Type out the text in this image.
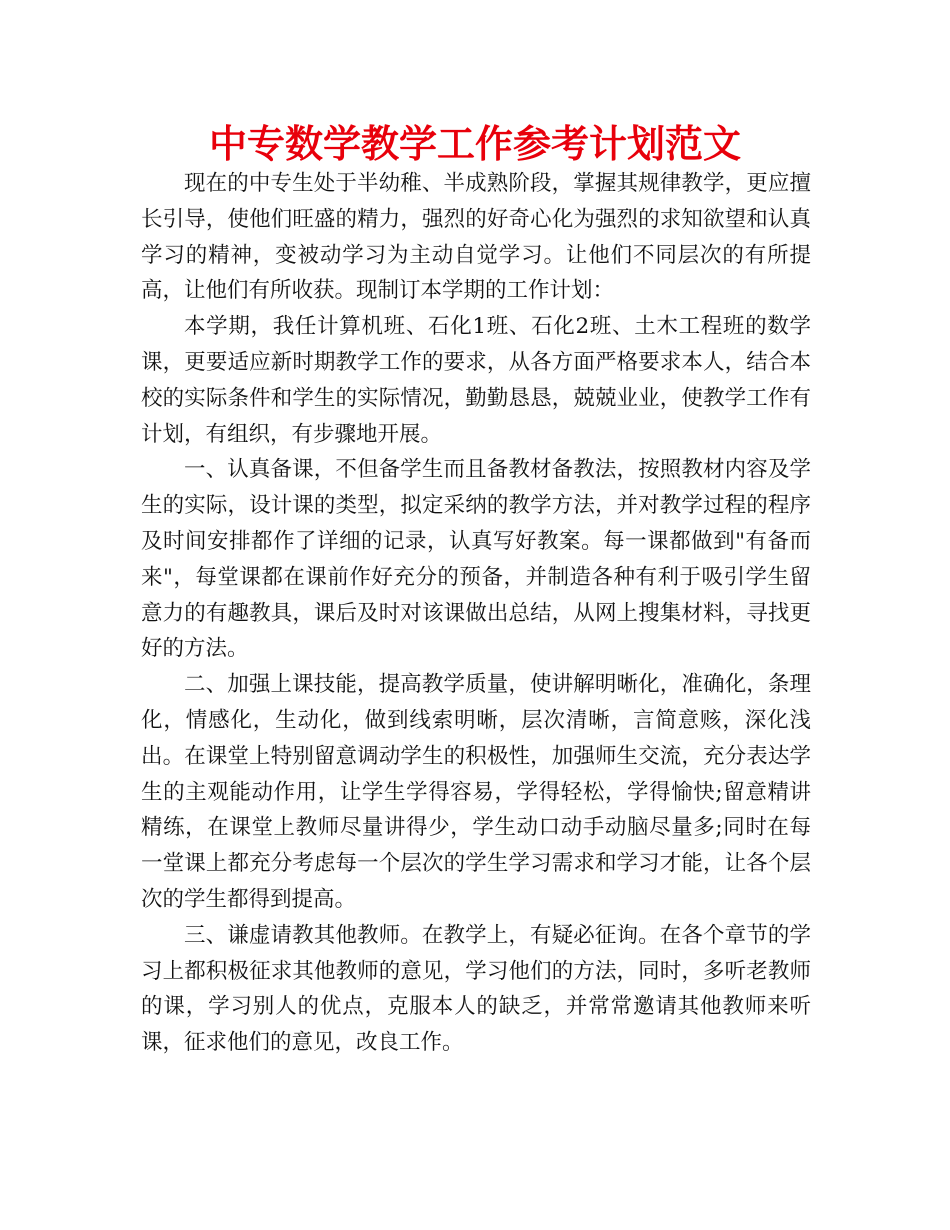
中专数学教学工作参考计划范文

现在的中专生处于半幼稚、半成熟阶段，掌握其规律教学，更应擅长引导，使他们旺盛的精力，强烈的好奇心化为强烈的求知欲望和认真学习的精神，变被动学习为主动自觉学习。让他们不同层次的有所提高，让他们有所收获。现制订本学期的工作计划：

本学期，我任计算机班、石化1班、石化2班、土木工程班的数学课，更要适应新时期教学工作的要求，从各方面严格要求本人，结合本校的实际条件和学生的实际情况，勤勤恳恳，兢兢业业，使教学工作有计划，有组织，有步骤地开展。

一、认真备课，不但备学生而且备教材备教法，按照教材内容及学生的实际，设计课的类型，拟定采纳的教学方法，并对教学过程的程序及时间安排都作了详细的记录，认真写好教案。每一课都做到"有备而来"，每堂课都在课前作好充分的预备，并制造各种有利于吸引学生留意力的有趣教具，课后及时对该课做出总结，从网上搜集材料，寻找更好的方法。

二、加强上课技能，提高教学质量，使讲解明晰化，准确化，条理化，情感化，生动化，做到线索明晰，层次清晰，言简意赅，深化浅出。在课堂上特别留意调动学生的积极性，加强师生交流，充分表达学生的主观能动作用，让学生学得容易，学得轻松，学得愉快;留意精讲精练，在课堂上教师尽量讲得少，学生动口动手动脑尽量多;同时在每一堂课上都充分考虑每一个层次的学生学习需求和学习才能，让各个层次的学生都得到提高。

三、谦虚请教其他教师。在教学上，有疑必征询。在各个章节的学习上都积极征求其他教师的意见，学习他们的方法，同时，多听老教师的课，学习别人的优点，克服本人的缺乏，并常常邀请其他教师来听课，征求他们的意见，改良工作。
